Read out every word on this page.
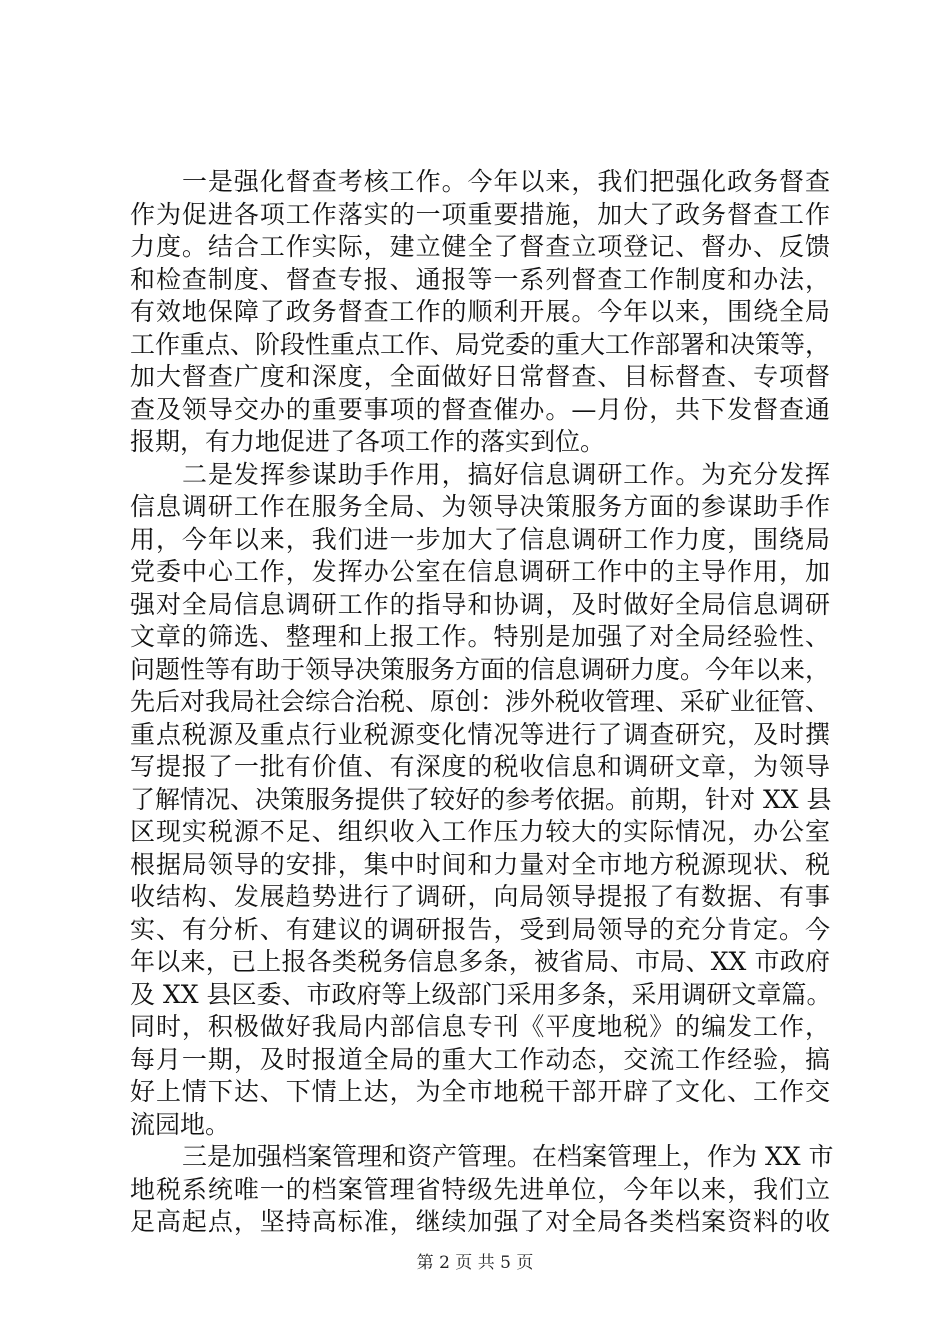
一是强化督查考核工作。今年以来，我们把强化政务督查

作为促进各项工作落实的一项重要措施，加大了政务督查工作

力度。结合工作实际，建立健全了督查立项登记、督办、反馈

和检查制度、督查专报、通报等一系列督查工作制度和办法，

有效地保障了政务督查工作的顺利开展。今年以来，围绕全局

工作重点、阶段性重点工作、局党委的重大工作部署和决策等，

加大督查广度和深度，全面做好日常督查、目标督查、专项督

查及领导交办的重要事项的督查催办。—月份，共下发督查通

报期，有力地促进了各项工作的落实到位。

二是发挥参谋助手作用，搞好信息调研工作。为充分发挥

信息调研工作在服务全局、为领导决策服务方面的参谋助手作

用，今年以来，我们进一步加大了信息调研工作力度，围绕局

党委中心工作，发挥办公室在信息调研工作中的主导作用，加

强对全局信息调研工作的指导和协调，及时做好全局信息调研

文章的筛选、整理和上报工作。特别是加强了对全局经验性、

问题性等有助于领导决策服务方面的信息调研力度。今年以来，

先后对我局社会综合治税、原创：涉外税收管理、采矿业征管、

重点税源及重点行业税源变化情况等进行了调查研究，及时撰

写提报了一批有价值、有深度的税收信息和调研文章，为领导

了解情况、决策服务提供了较好的参考依据。前期，针对 XX 县

区现实税源不足、组织收入工作压力较大的实际情况，办公室

根据局领导的安排，集中时间和力量对全市地方税源现状、税

收结构、发展趋势进行了调研，向局领导提报了有数据、有事

实、有分析、有建议的调研报告，受到局领导的充分肯定。今

年以来，已上报各类税务信息多条，被省局、市局、XX 市政府

及 XX 县区委、市政府等上级部门采用多条，采用调研文章篇。

同时，积极做好我局内部信息专刊《平度地税》的编发工作，

每月一期，及时报道全局的重大工作动态，交流工作经验，搞

好上情下达、下情上达，为全市地税干部开辟了文化、工作交

流园地。

三是加强档案管理和资产管理。在档案管理上，作为 XX 市

地税系统唯一的档案管理省特级先进单位，今年以来，我们立

足高起点，坚持高标准，继续加强了对全局各类档案资料的收

第 2 页 共 5 页
